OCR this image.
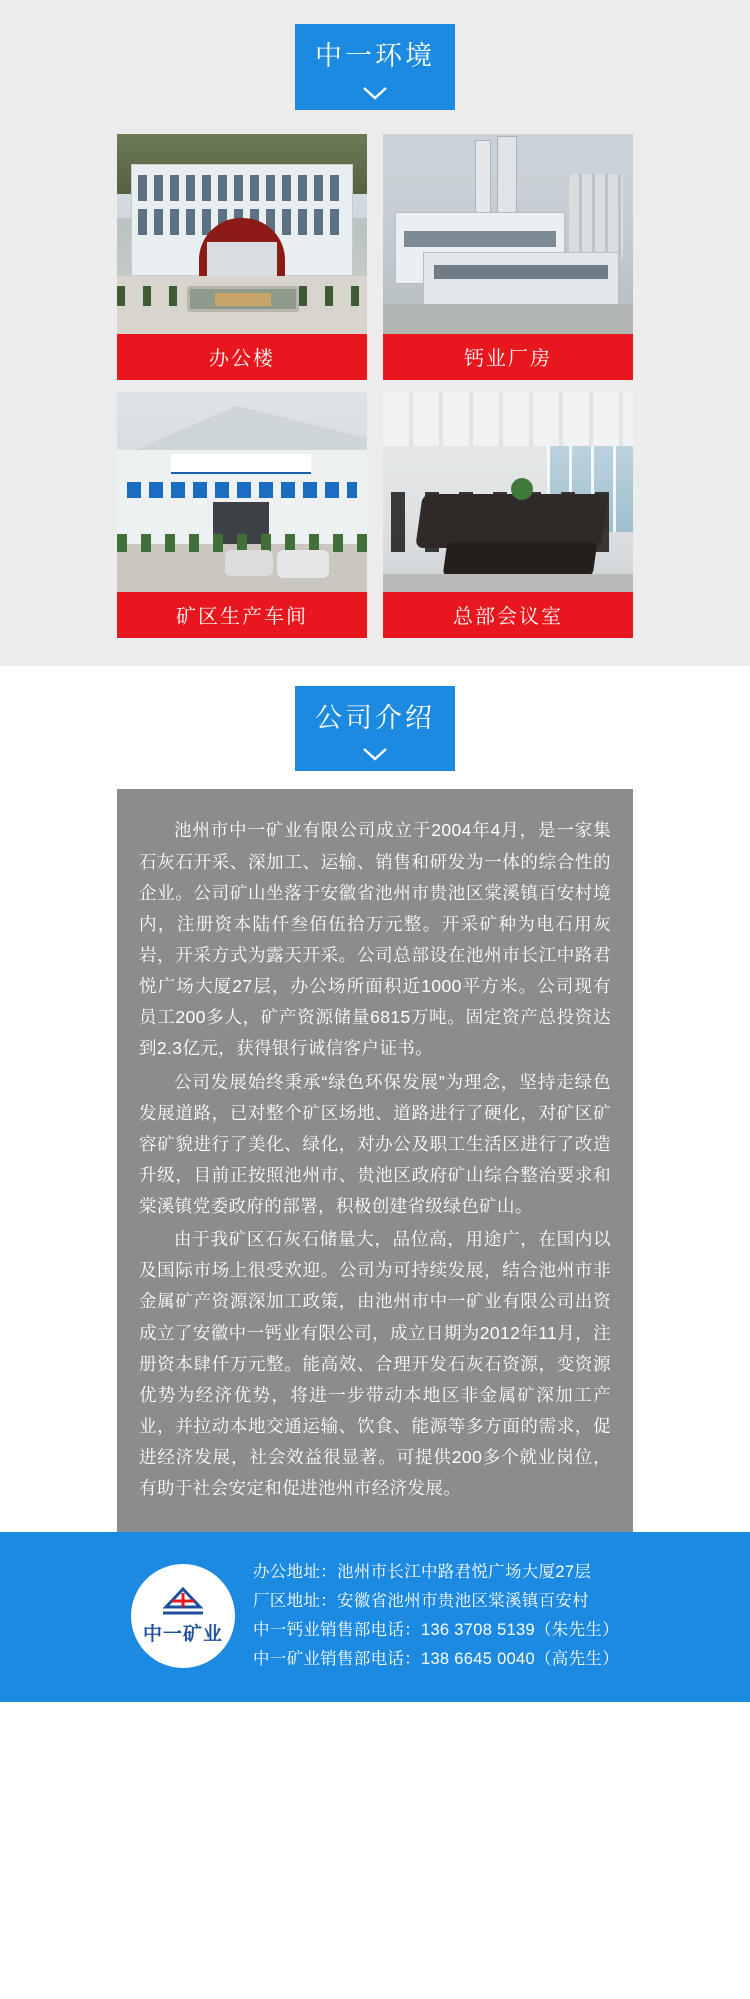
中一环境
办公楼	钙业厂房
矿区生产车间	总部会议室
公司介绍

池州市中一矿业有限公司成立于2004年4月，是一家集石灰石开采、深加工、运输、销售和研发为一体的综合性的企业。公司矿山坐落于安徽省池州市贵池区棠溪镇百安村境内，注册资本陆仟叁佰伍拾万元整。开采矿种为电石用灰岩，开采方式为露天开采。公司总部设在池州市长江中路君悦广场大厦27层，办公场所面积近1000平方米。公司现有员工200多人，矿产资源储量6815万吨。固定资产总投资达到2.3亿元，获得银行诚信客户证书。

公司发展始终秉承“绿色环保发展”为理念，坚持走绿色发展道路，已对整个矿区场地、道路进行了硬化，对矿区矿容矿貌进行了美化、绿化，对办公及职工生活区进行了改造升级，目前正按照池州市、贵池区政府矿山综合整治要求和棠溪镇党委政府的部署，积极创建省级绿色矿山。

由于我矿区石灰石储量大，品位高，用途广，在国内以及国际市场上很受欢迎。公司为可持续发展，结合池州市非金属矿产资源深加工政策，由池州市中一矿业有限公司出资成立了安徽中一钙业有限公司，成立日期为2012年11月，注册资本肆仟万元整。能高效、合理开发石灰石资源，变资源优势为经济优势，将进一步带动本地区非金属矿深加工产业，并拉动本地交通运输、饮食、能源等多方面的需求，促进经济发展，社会效益很显著。可提供200多个就业岗位，有助于社会安定和促进池州市经济发展。

中一矿业
办公地址：池州市长江中路君悦广场大厦27层
厂区地址：安徽省池州市贵池区棠溪镇百安村
中一钙业销售部电话：136 3708 5139（朱先生）
中一矿业销售部电话：138 6645 0040（高先生）
